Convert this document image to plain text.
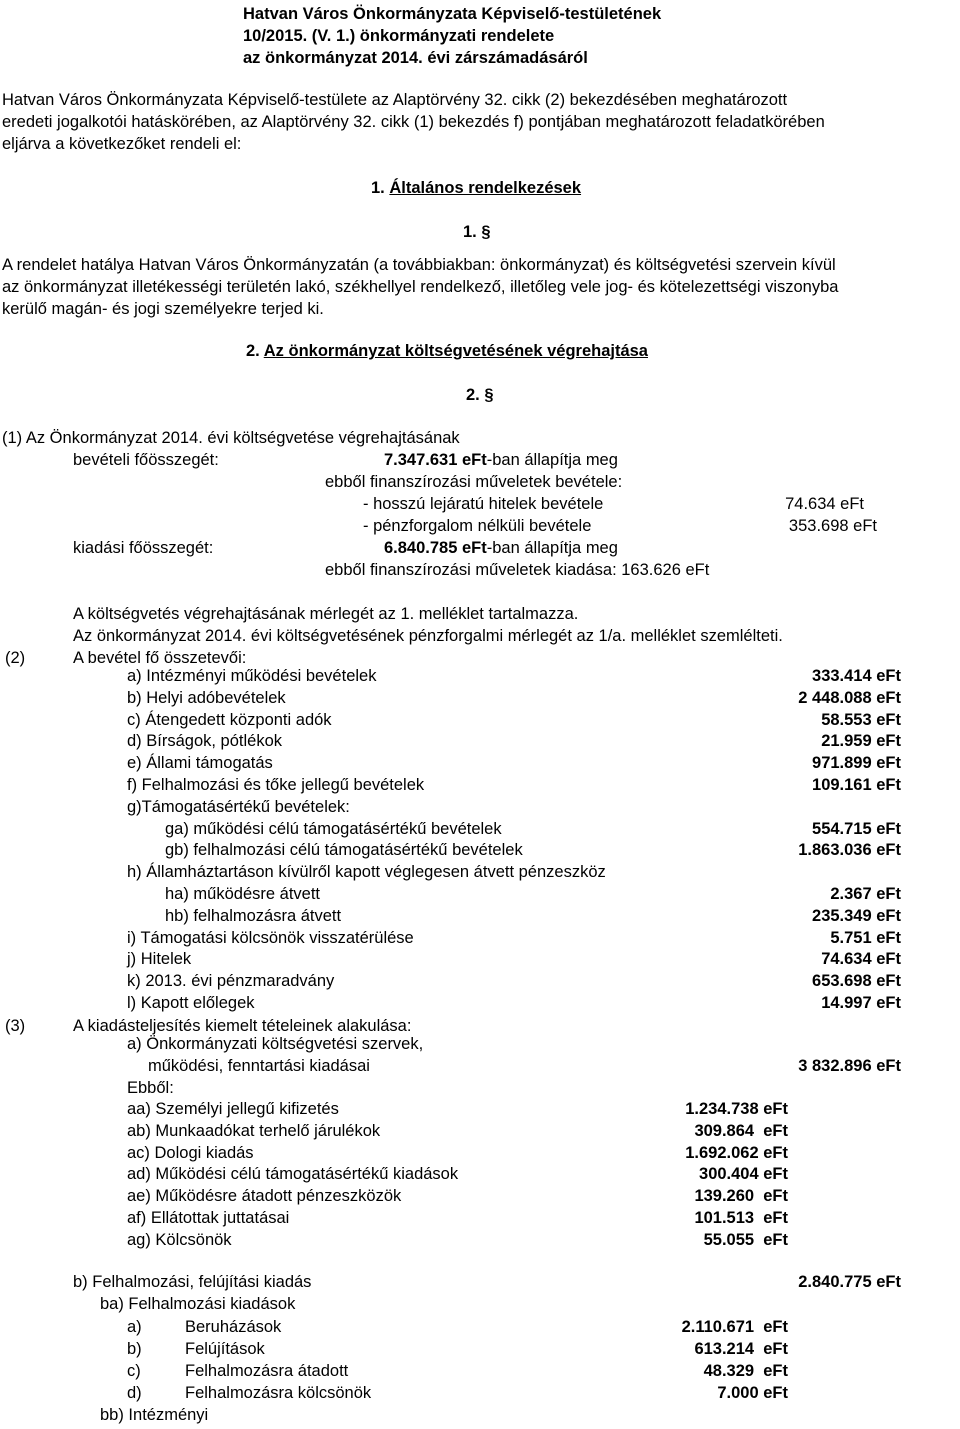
Hatvan Város Önkormányzata Képviselő-testületének
10/2015. (V. 1.) önkormányzati rendelete
az önkormányzat 2014. évi zárszámadásáról
Hatvan Város Önkormányzata Képviselő-testülete az Alaptörvény 32. cikk (2) bekezdésében meghatározott
eredeti jogalkotói hatáskörében, az Alaptörvény 32. cikk (1) bekezdés f) pontjában meghatározott feladatkörében
eljárva a következőket rendeli el:
1. Általános rendelkezések
1. §
A rendelet hatálya Hatvan Város Önkormányzatán (a továbbiakban: önkormányzat) és költségvetési szervein kívül
az önkormányzat illetékességi területén lakó, székhellyel rendelkező, illetőleg vele jog- és kötelezettségi viszonyba
kerülő magán- és jogi személyekre terjed ki.
2. Az önkormányzat költségvetésének végrehajtása
2. §
(1) Az Önkormányzat 2014. évi költségvetése végrehajtásának
bevételi főösszegét:	7.347.631 eFt-ban állapítja meg
ebből finanszírozási műveletek bevétele:
- hosszú lejáratú hitelek bevétele	74.634 eFt
- pénzforgalom nélküli bevétele	353.698 eFt
kiadási főösszegét:	6.840.785 eFt-ban állapítja meg
ebből finanszírozási műveletek kiadása: 163.626 eFt
A költségvetés végrehajtásának mérlegét az 1. melléklet tartalmazza.
Az önkormányzat 2014. évi költségvetésének pénzforgalmi mérlegét az 1/a. melléklet szemlélteti.
(2)	A bevétel fő összetevői:
a) Intézményi működési bevételek	333.414 eFt
b) Helyi adóbevételek	2 448.088 eFt
c) Átengedett központi adók	58.553 eFt
d) Bírságok, pótlékok	21.959 eFt
e) Állami támogatás	971.899 eFt
f) Felhalmozási és tőke jellegű bevételek	109.161 eFt
g)Támogatásértékű bevételek:
ga) működési célú támogatásértékű bevételek	554.715 eFt
gb) felhalmozási célú támogatásértékű bevételek	1.863.036 eFt
h) Államháztartáson kívülről kapott véglegesen átvett pénzeszköz
ha) működésre átvett	2.367 eFt
hb) felhalmozásra átvett	235.349 eFt
i) Támogatási kölcsönök visszatérülése	5.751 eFt
j) Hitelek	74.634 eFt
k) 2013. évi pénzmaradvány	653.698 eFt
l) Kapott előlegek	14.997 eFt
(3)	A kiadásteljesítés kiemelt tételeinek alakulása:
a) Önkormányzati költségvetési szervek,
működési, fenntartási kiadásai	3 832.896 eFt
Ebből:
aa) Személyi jellegű kifizetés	1.234.738 eFt
ab) Munkaadókat terhelő járulékok	309.864  eFt
ac) Dologi kiadás	1.692.062 eFt
ad) Működési célú támogatásértékű kiadások	300.404 eFt
ae) Működésre átadott pénzeszközök	139.260  eFt
af) Ellátottak juttatásai	101.513  eFt
ag) Kölcsönök	55.055  eFt
b) Felhalmozási, felújítási kiadás	2.840.775 eFt
ba) Felhalmozási kiadások
a)	Beruházások	2.110.671  eFt
b)	Felújítások	613.214  eFt
c)	Felhalmozásra átadott	48.329  eFt
d)	Felhalmozásra kölcsönök	7.000 eFt
bb) Intézményi
